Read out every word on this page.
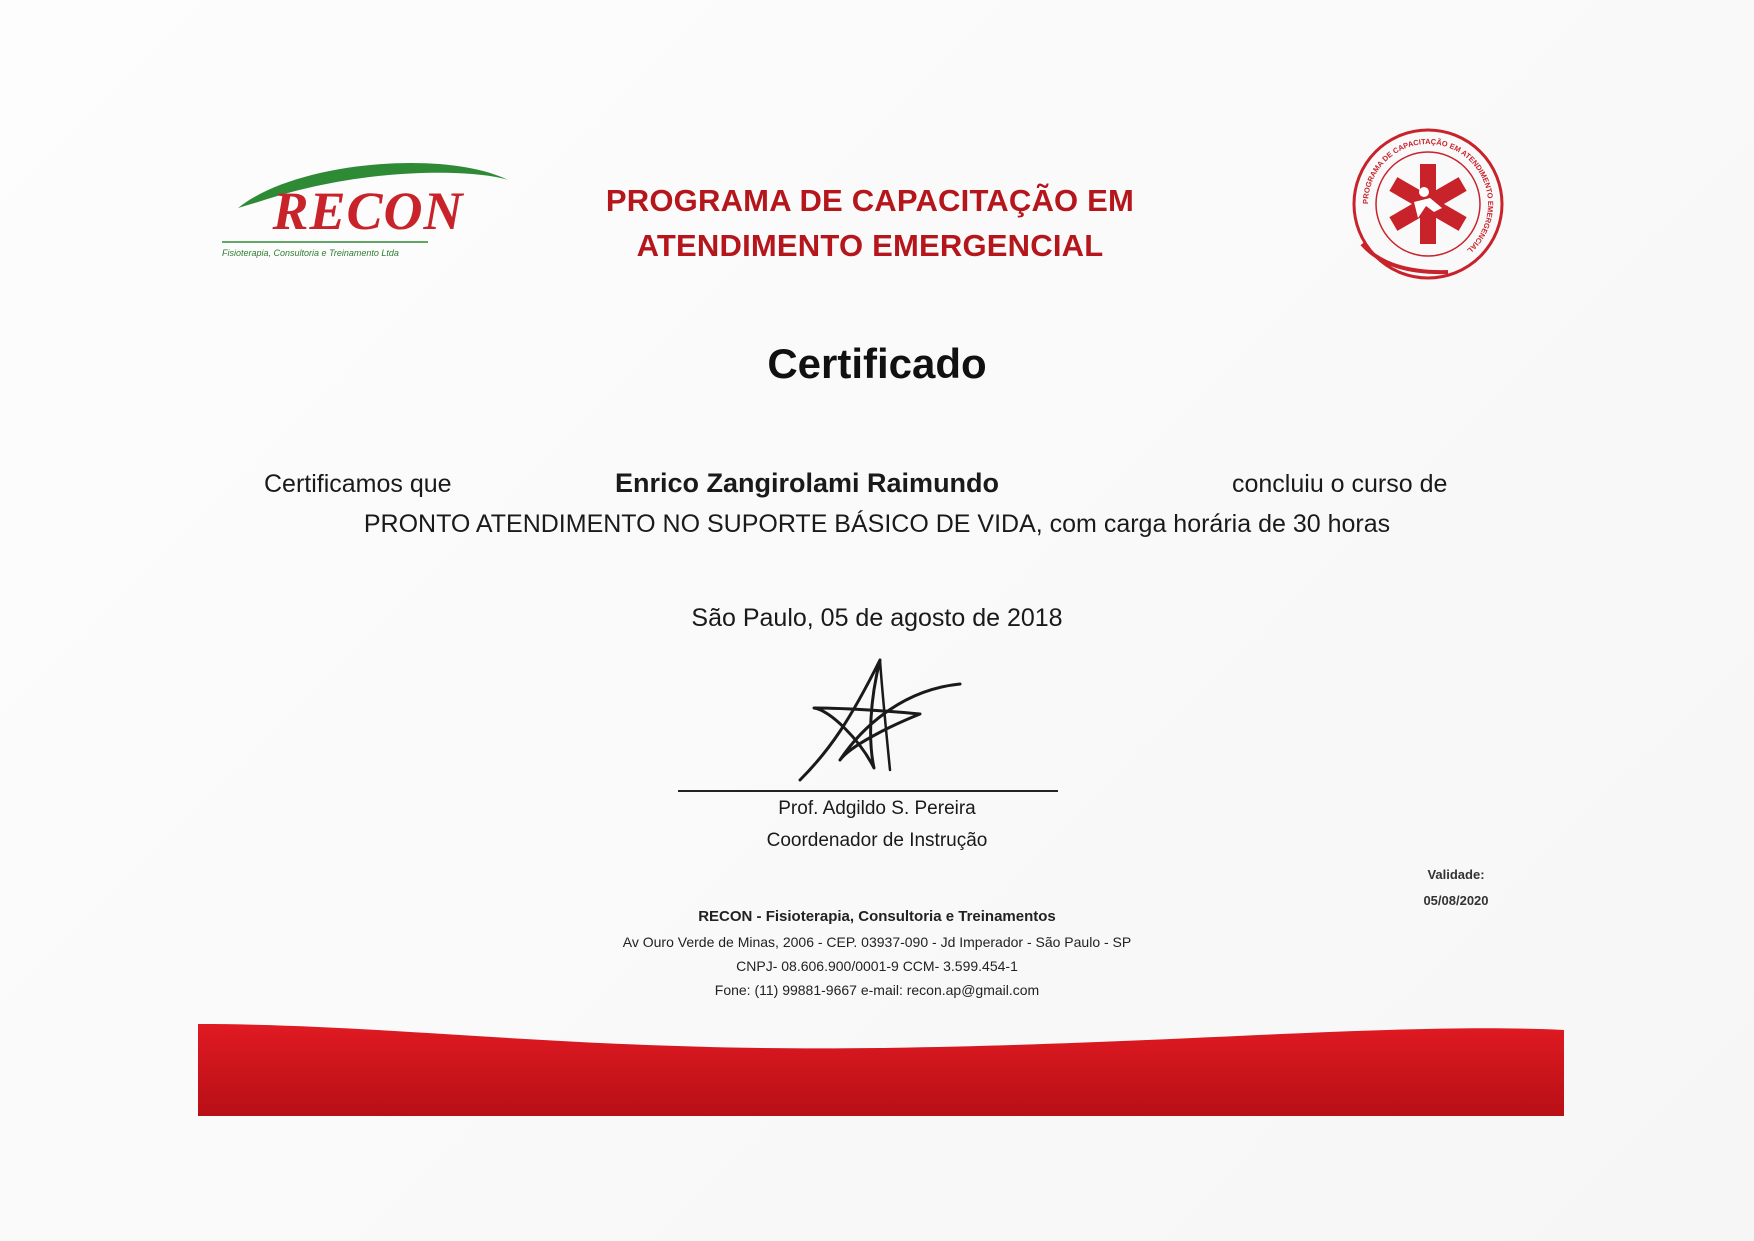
RECON
Fisioterapia, Consultoria e Treinamento Ltda
PROGRAMA DE CAPACITAÇÃO EM
ATENDIMENTO EMERGENCIAL
PROGRAMA DE CAPACITAÇÃO EM ATENDIMENTO EMERGENCIAL
Certificado
Certificamos que	Enrico Zangirolami Raimundo	concluiu o curso de
PRONTO ATENDIMENTO NO SUPORTE BÁSICO DE VIDA, com carga horária de 30 horas
São Paulo, 05 de agosto de 2018
Prof. Adgildo S. Pereira
Coordenador de Instrução
Validade:
05/08/2020
RECON - Fisioterapia, Consultoria e Treinamentos
Av Ouro Verde de Minas, 2006 - CEP. 03937-090 - Jd Imperador - São Paulo - SP
CNPJ- 08.606.900/0001-9 CCM- 3.599.454-1
Fone: (11) 99881-9667 e-mail: recon.ap@gmail.com
